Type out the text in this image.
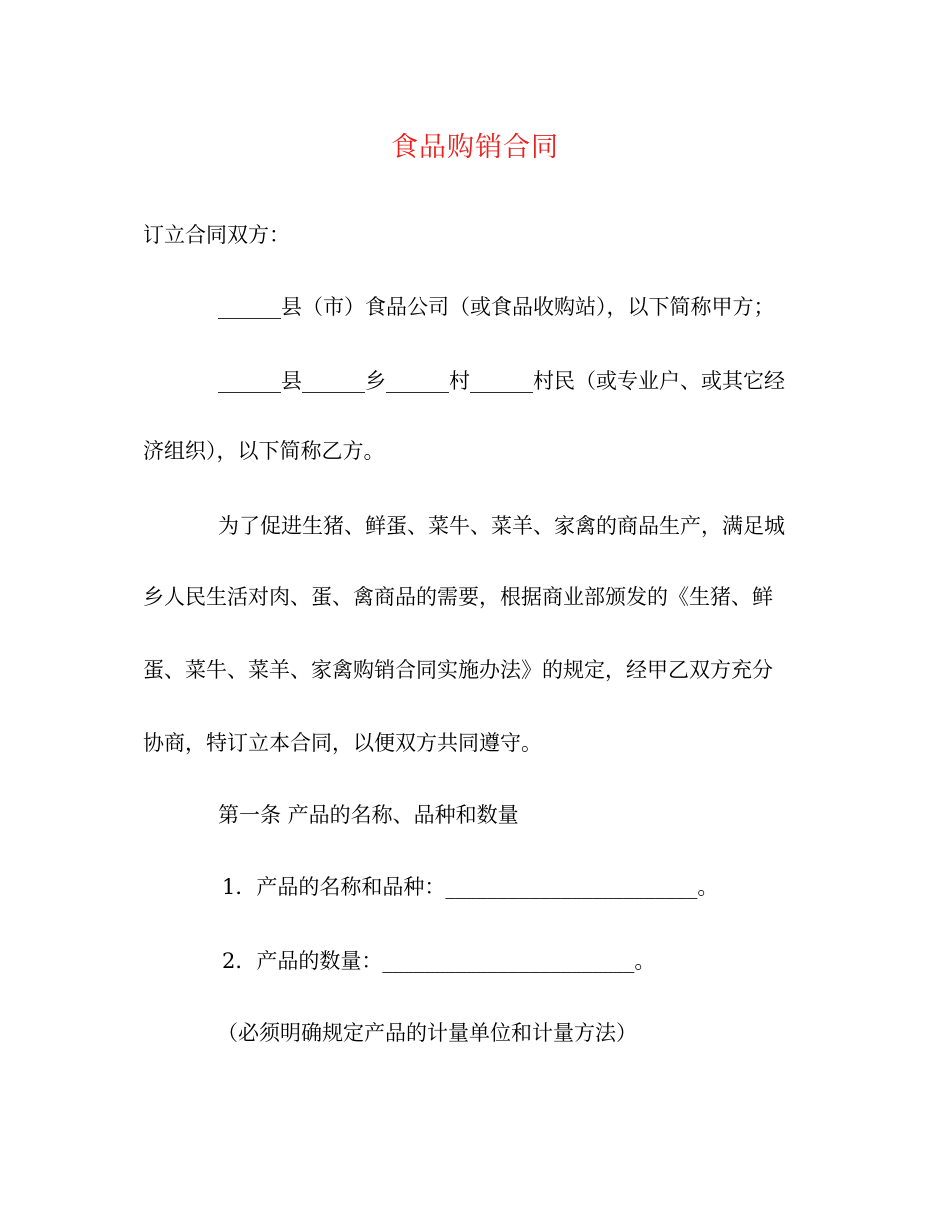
食品购销合同
订立合同双方：
______县（市）食品公司（或食品收购站），以下简称甲方；
______县______乡______村______村民（或专业户、或其它经
济组织），以下简称乙方。
为了促进生猪、鲜蛋、菜牛、菜羊、家禽的商品生产，满足城
乡人民生活对肉、蛋、禽商品的需要，根据商业部颁发的《生猪、鲜
蛋、菜牛、菜羊、家禽购销合同实施办法》的规定，经甲乙双方充分
协商，特订立本合同，以便双方共同遵守。
第一条 产品的名称、品种和数量
1．产品的名称和品种：________________________。
2．产品的数量：________________________。
（必须明确规定产品的计量单位和计量方法）
